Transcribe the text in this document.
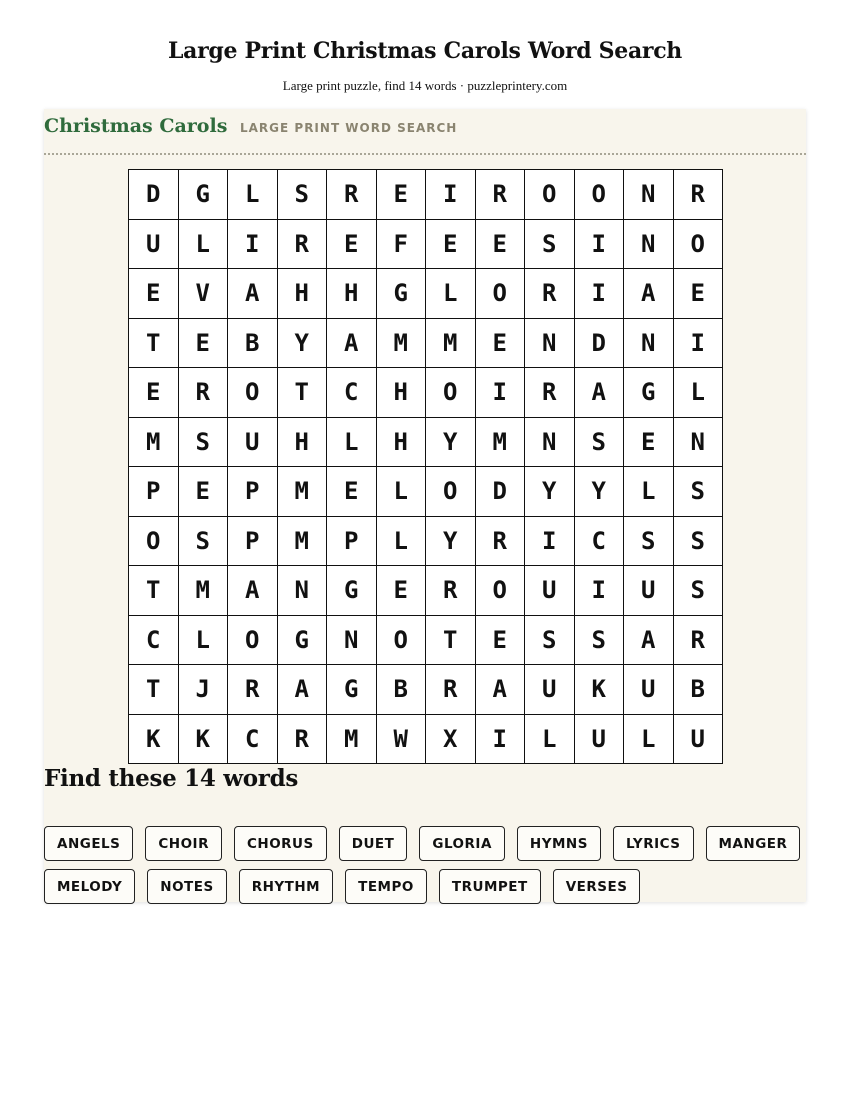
Large Print Christmas Carols Word Search
Large print puzzle, find 14 words · puzzleprintery.com
Christmas Carols LARGE PRINT WORD SEARCH
D	G	L	S	R	E	I	R	O	O	N	R
U	L	I	R	E	F	E	E	S	I	N	O
E	V	A	H	H	G	L	O	R	I	A	E
T	E	B	Y	A	M	M	E	N	D	N	I
E	R	O	T	C	H	O	I	R	A	G	L
M	S	U	H	L	H	Y	M	N	S	E	N
P	E	P	M	E	L	O	D	Y	Y	L	S
O	S	P	M	P	L	Y	R	I	C	S	S
T	M	A	N	G	E	R	O	U	I	U	S
C	L	O	G	N	O	T	E	S	S	A	R
T	J	R	A	G	B	R	A	U	K	U	B
K	K	C	R	M	W	X	I	L	U	L	U
Find these 14 words
ANGELS	CHOIR	CHORUS	DUET	GLORIA	HYMNS	LYRICS	MANGER
MELODY	NOTES	RHYTHM	TEMPO	TRUMPET	VERSES
